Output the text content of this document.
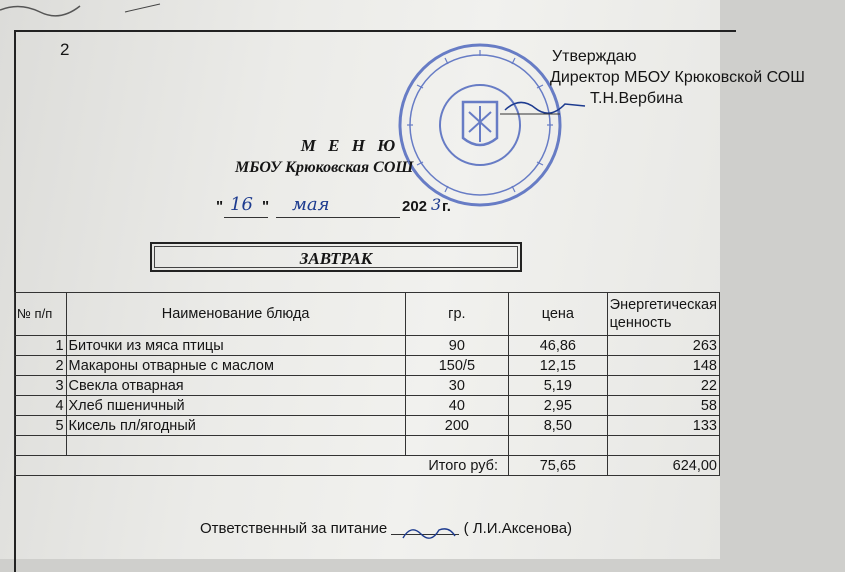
2	Утверждаю
Директор МБОУ Крюковской СОШ
Т.Н.Вербина
М Е Н Ю
МБОУ Крюковская СОШ
" 16 " мая	202 3 г.
ЗАВТРАК
№ п/п	Наименование блюда	гр.	цена	Энергетическая ценность
1	Биточки из мяса птицы	90	46,86	263
2	Макароны отварные с маслом	150/5	12,15	148
3	Свекла отварная	30	5,19	22
4	Хлеб пшеничный	40	2,95	58
5	Кисель пл/ягодный	200	8,50	133

Итого руб:			75,65	624,00
Ответственный за питание	( Л.И.Аксенова)
